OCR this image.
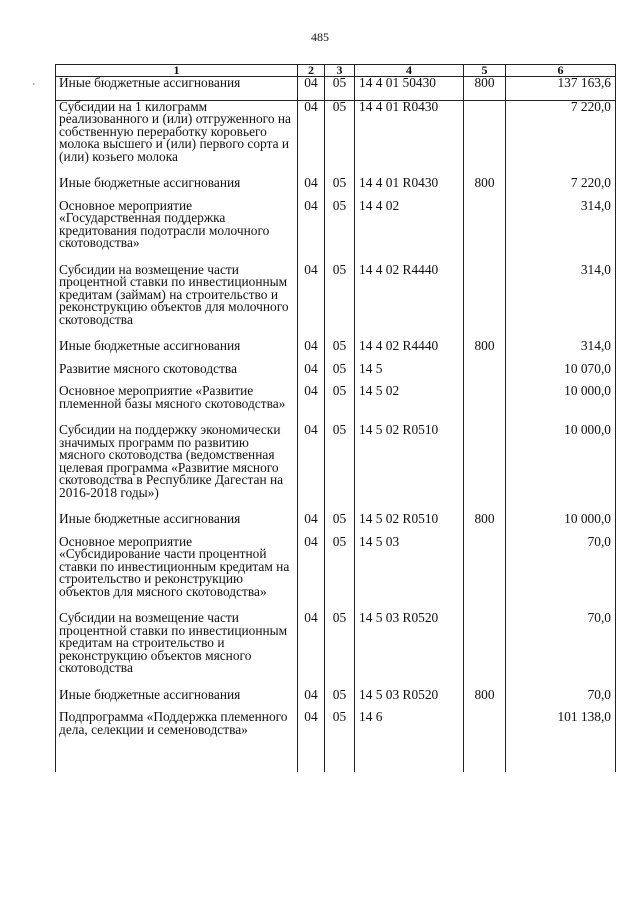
485
`
1	2	3	4	5	6
Иные бюджетные ассигнования	04	05	14 4 01 50430	800	137 163,6
Субсидии на 1 килограмм реализованного и (или) отгруженного на собственную переработку коровьего молока высшего и (или) первого сорта и (или) козьего молока	04	05	14 4 01 R0430		7 220,0
Иные бюджетные ассигнования	04	05	14 4 01 R0430	800	7 220,0
Основное мероприятие «Государственная поддержка кредитования подотрасли молочного скотоводства»	04	05	14 4 02		314,0
Субсидии на возмещение части процентной ставки по инвестиционным кредитам (займам) на строительство и реконструкцию объектов для молочного скотоводства	04	05	14 4 02 R4440		314,0
Иные бюджетные ассигнования	04	05	14 4 02 R4440	800	314,0
Развитие мясного скотоводства	04	05	14 5		10 070,0
Основное мероприятие «Развитие племенной базы мясного скотоводства»	04	05	14 5 02		10 000,0
Субсидии на поддержку экономически значимых программ по развитию мясного скотоводства (ведомственная целевая программа «Развитие мясного скотоводства в Республике Дагестан на 2016-2018 годы»)	04	05	14 5 02 R0510		10 000,0
Иные бюджетные ассигнования	04	05	14 5 02 R0510	800	10 000,0
Основное мероприятие «Субсидирование части процентной ставки по инвестиционным кредитам на строительство и реконструкцию объектов для мясного скотоводства»	04	05	14 5 03		70,0
Субсидии на возмещение части процентной ставки по инвестиционным кредитам на строительство и реконструкцию объектов мясного скотоводства	04	05	14 5 03 R0520		70,0
Иные бюджетные ассигнования	04	05	14 5 03 R0520	800	70,0
Подпрограмма «Поддержка племенного дела, селекции и семеноводства»	04	05	14 6		101 138,0
